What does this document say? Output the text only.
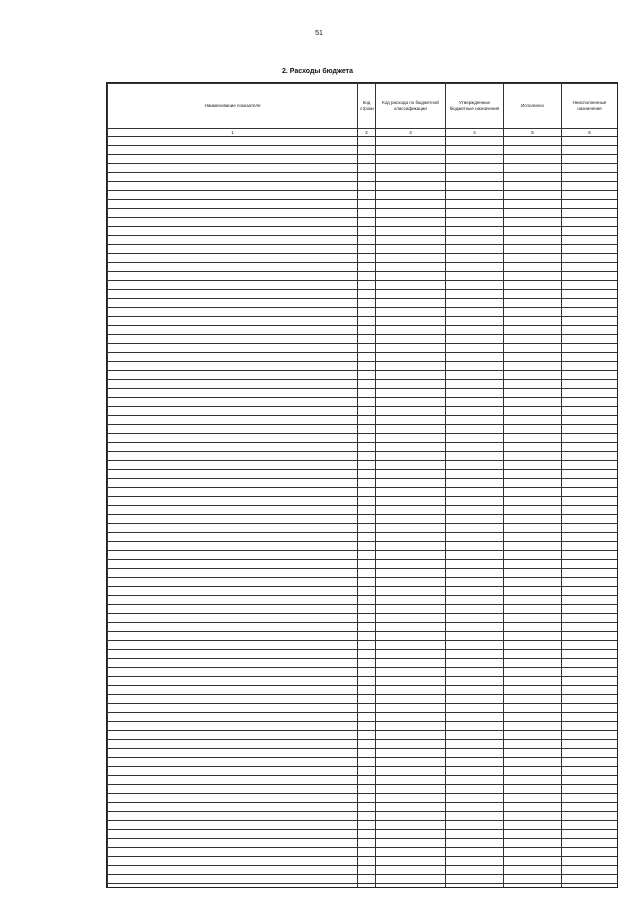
51
2. Расходы бюджета
Наименование показателя	Код строки	Код расхода по бюджетной классификации	Утвержденные бюджетные назначения	Исполнено	Неисполненные назначения
1	2	3	4	5	6
